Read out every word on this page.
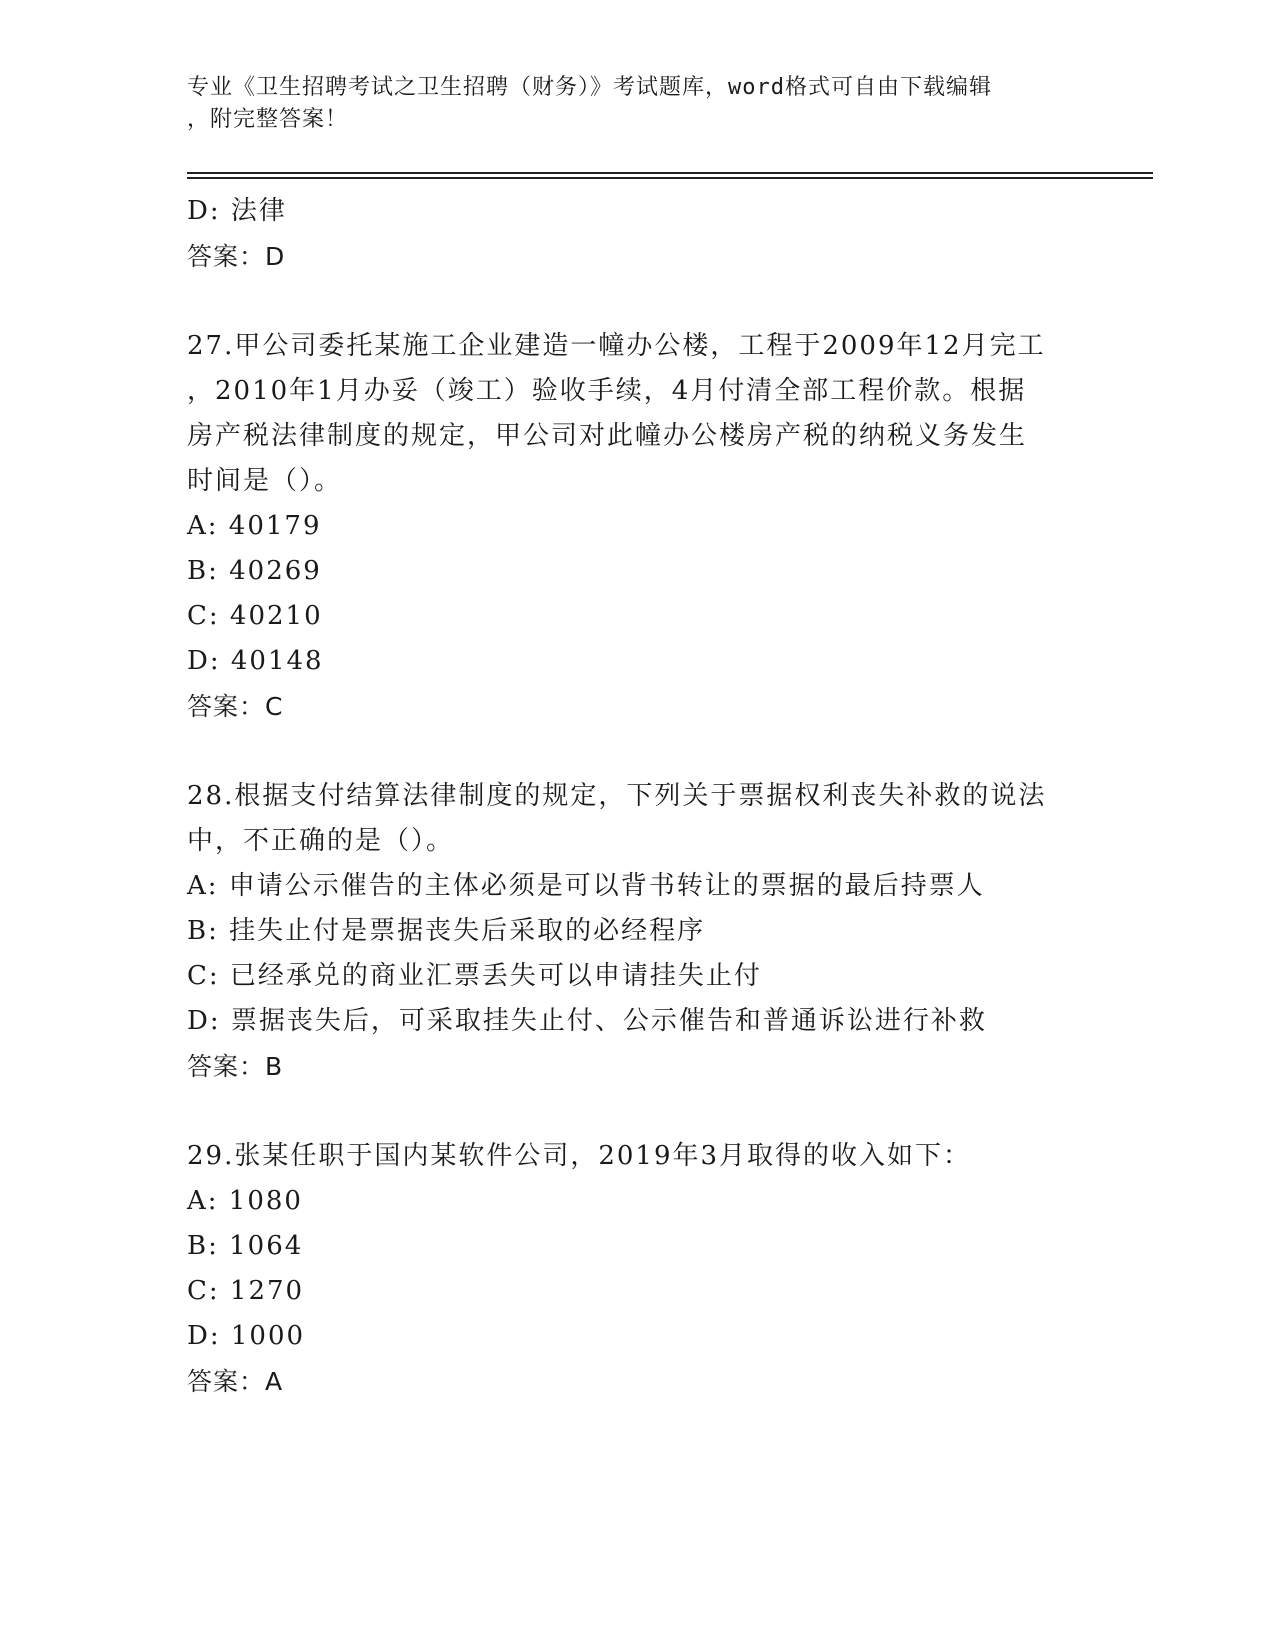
专业《卫生招聘考试之卫生招聘（财务）》考试题库，word格式可自由下载编辑
，附完整答案！
D: 法律
答案：D
27.甲公司委托某施工企业建造一幢办公楼，工程于2009年12月完工
，2010年1月办妥（竣工）验收手续，4月付清全部工程价款。根据
房产税法律制度的规定，甲公司对此幢办公楼房产税的纳税义务发生
时间是（）。
A: 40179
B: 40269
C: 40210
D: 40148
答案：C
28.根据支付结算法律制度的规定，下列关于票据权利丧失补救的说法
中，不正确的是（）。
A: 申请公示催告的主体必须是可以背书转让的票据的最后持票人
B: 挂失止付是票据丧失后采取的必经程序
C: 已经承兑的商业汇票丢失可以申请挂失止付
D: 票据丧失后，可采取挂失止付、公示催告和普通诉讼进行补救
答案：B
29.张某任职于国内某软件公司，2019年3月取得的收入如下：
A: 1080
B: 1064
C: 1270
D: 1000
答案：A
